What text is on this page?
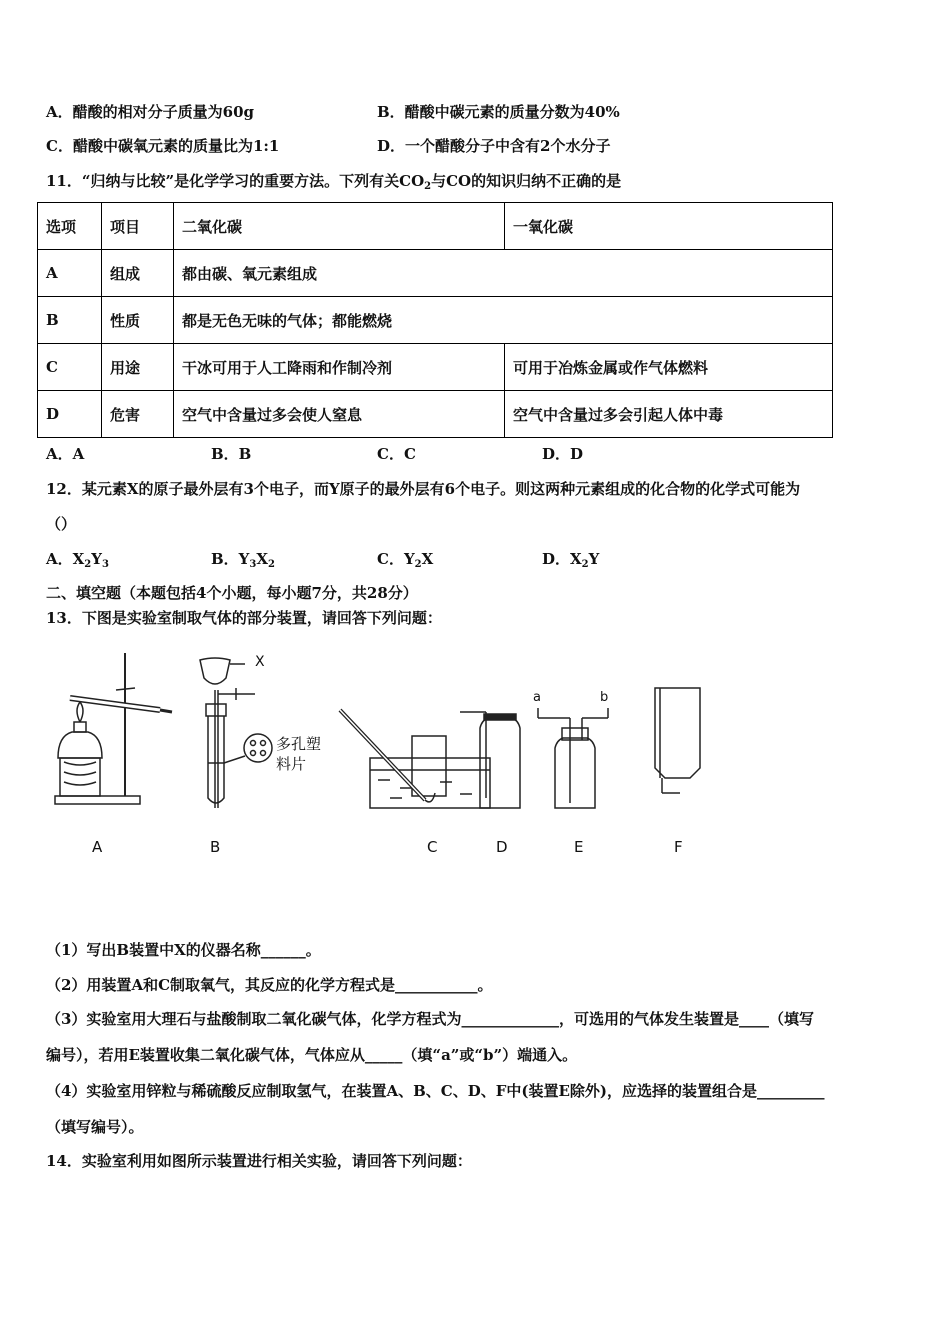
A．醋酸的相对分子质量为60g	B．醋酸中碳元素的质量分数为40%
C．醋酸中碳氧元素的质量比为1:1	D．一个醋酸分子中含有2个水分子
11．“归纳与比较”是化学学习的重要方法。下列有关$CO_2$与CO的知识归纳不正确的是
选项	项目	二氧化碳	一氧化碳
A	组成	都由碳、氧元素组成	
B	性质	都是无色无味的气体；都能燃烧	
C	用途	干冰可用于人工降雨和作制冷剂	可用于冶炼金属或作气体燃料
D	危害	空气中含量过多会使人窒息	空气中含量过多会引起人体中毒
A．A	B．B	C．C	D．D
12．某元素X的原子最外层有3个电子，而Y原子的最外层有6个电子。则这两种元素组成的化合物的化学式可能为
（）
A．$X_2Y_3$	B．$Y_3X_2$	C．$Y_2X$	D．$X_2Y$
二、填空题（本题包括4个小题，每小题7分，共28分）
13．下图是实验室制取气体的部分装置，请回答下列问题：
X
多孔塑
料片
a	b
A	B	C	D	E	F
（1）写出B装置中X的仪器名称______。
（2）用装置A和C制取氧气，其反应的化学方程式是___________。
（3）实验室用大理石与盐酸制取二氧化碳气体，化学方程式为_____________，可选用的气体发生装置是____（填写
编号），若用E装置收集二氧化碳气体，气体应从_____（填“a”或“b”）端通入。
（4）实验室用锌粒与稀硫酸反应制取氢气，在装置A、B、C、D、F中(装置E除外)，应选择的装置组合是_________
（填写编号）。
14．实验室利用如图所示装置进行相关实验，请回答下列问题：
